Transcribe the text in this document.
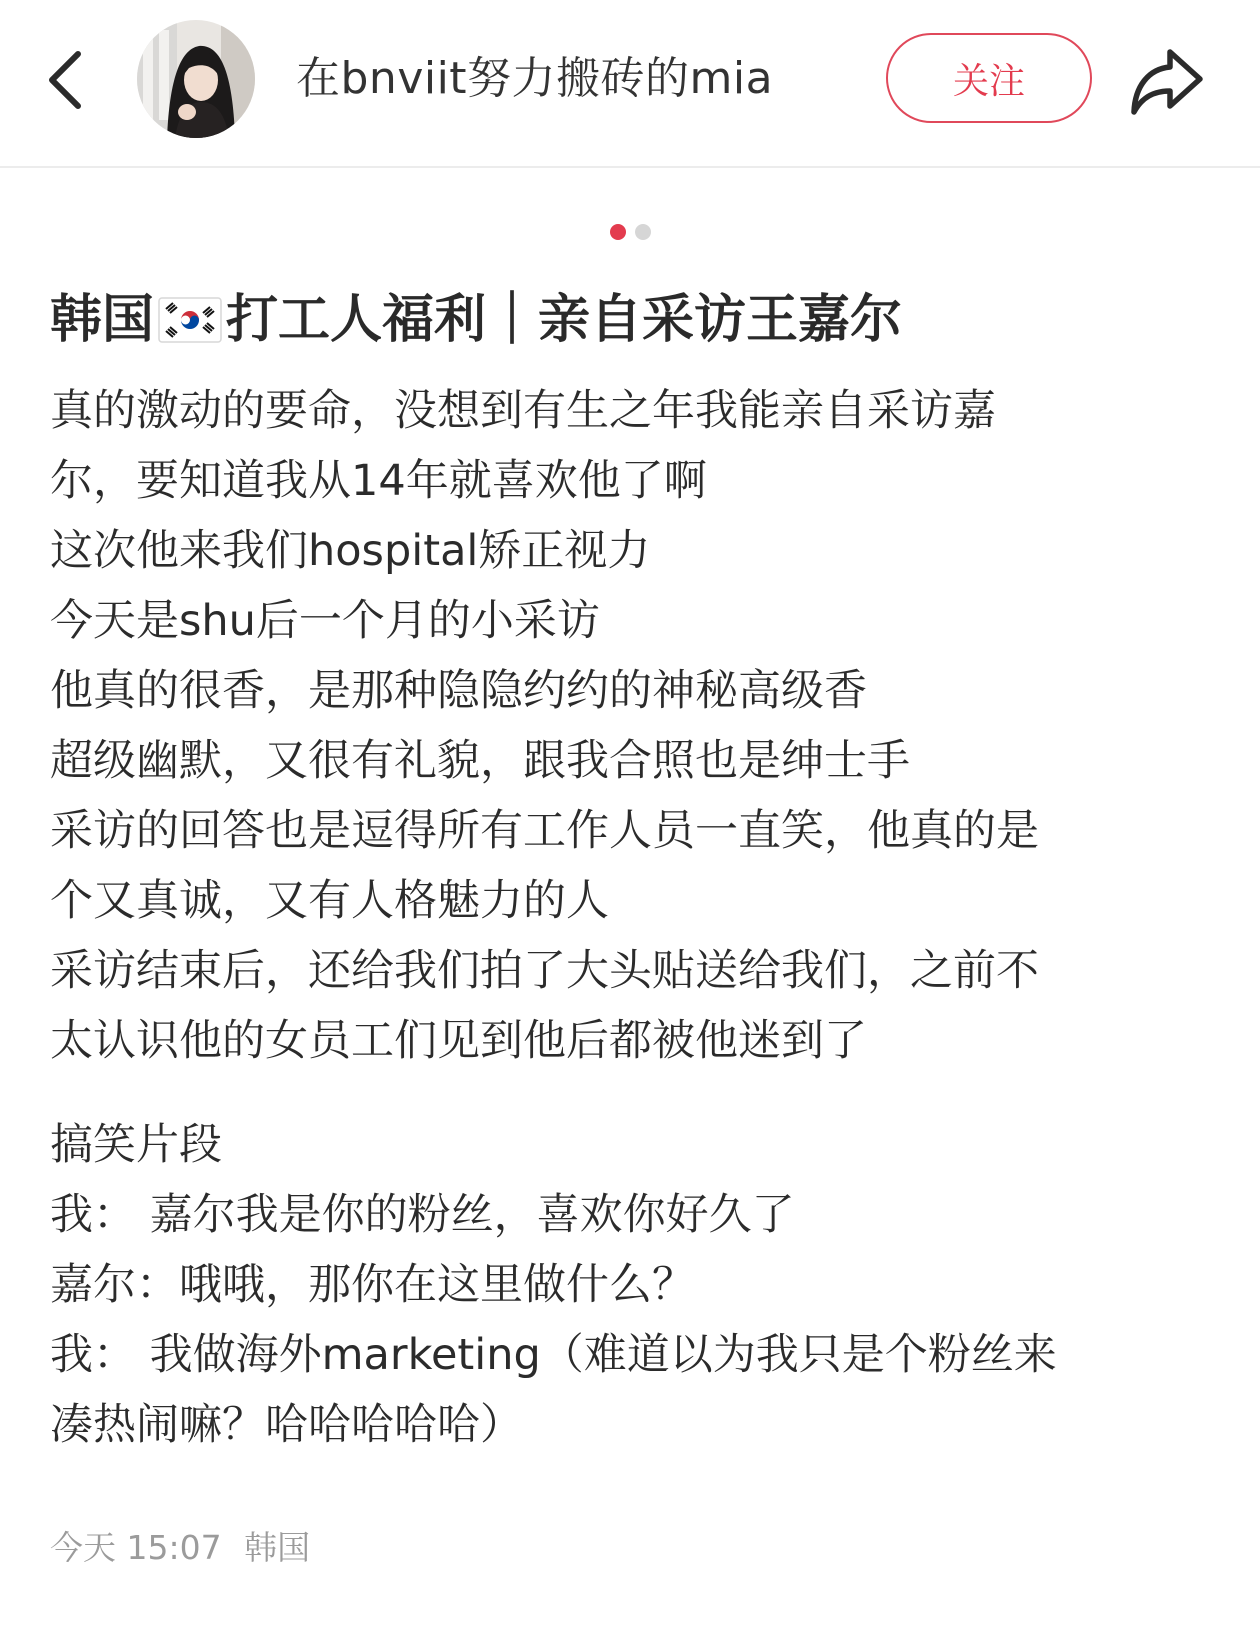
在bnviit努力搬砖的mia	关注
韩国 打工人福利｜亲自采访王嘉尔
真的激动的要命，没想到有生之年我能亲自采访嘉
尔，要知道我从14年就喜欢他了啊
这次他来我们hospital矫正视力
今天是shu后一个月的小采访
他真的很香，是那种隐隐约约的神秘高级香
超级幽默，又很有礼貌，跟我合照也是绅士手
采访的回答也是逗得所有工作人员一直笑，他真的是
个又真诚，又有人格魅力的人
采访结束后，还给我们拍了大头贴送给我们，之前不
太认识他的女员工们见到他后都被他迷到了
搞笑片段
我： 嘉尔我是你的粉丝，喜欢你好久了
嘉尔：哦哦，那你在这里做什么？
我： 我做海外marketing（难道以为我只是个粉丝来
凑热闹嘛？哈哈哈哈哈）
今天 15:07 韩国
